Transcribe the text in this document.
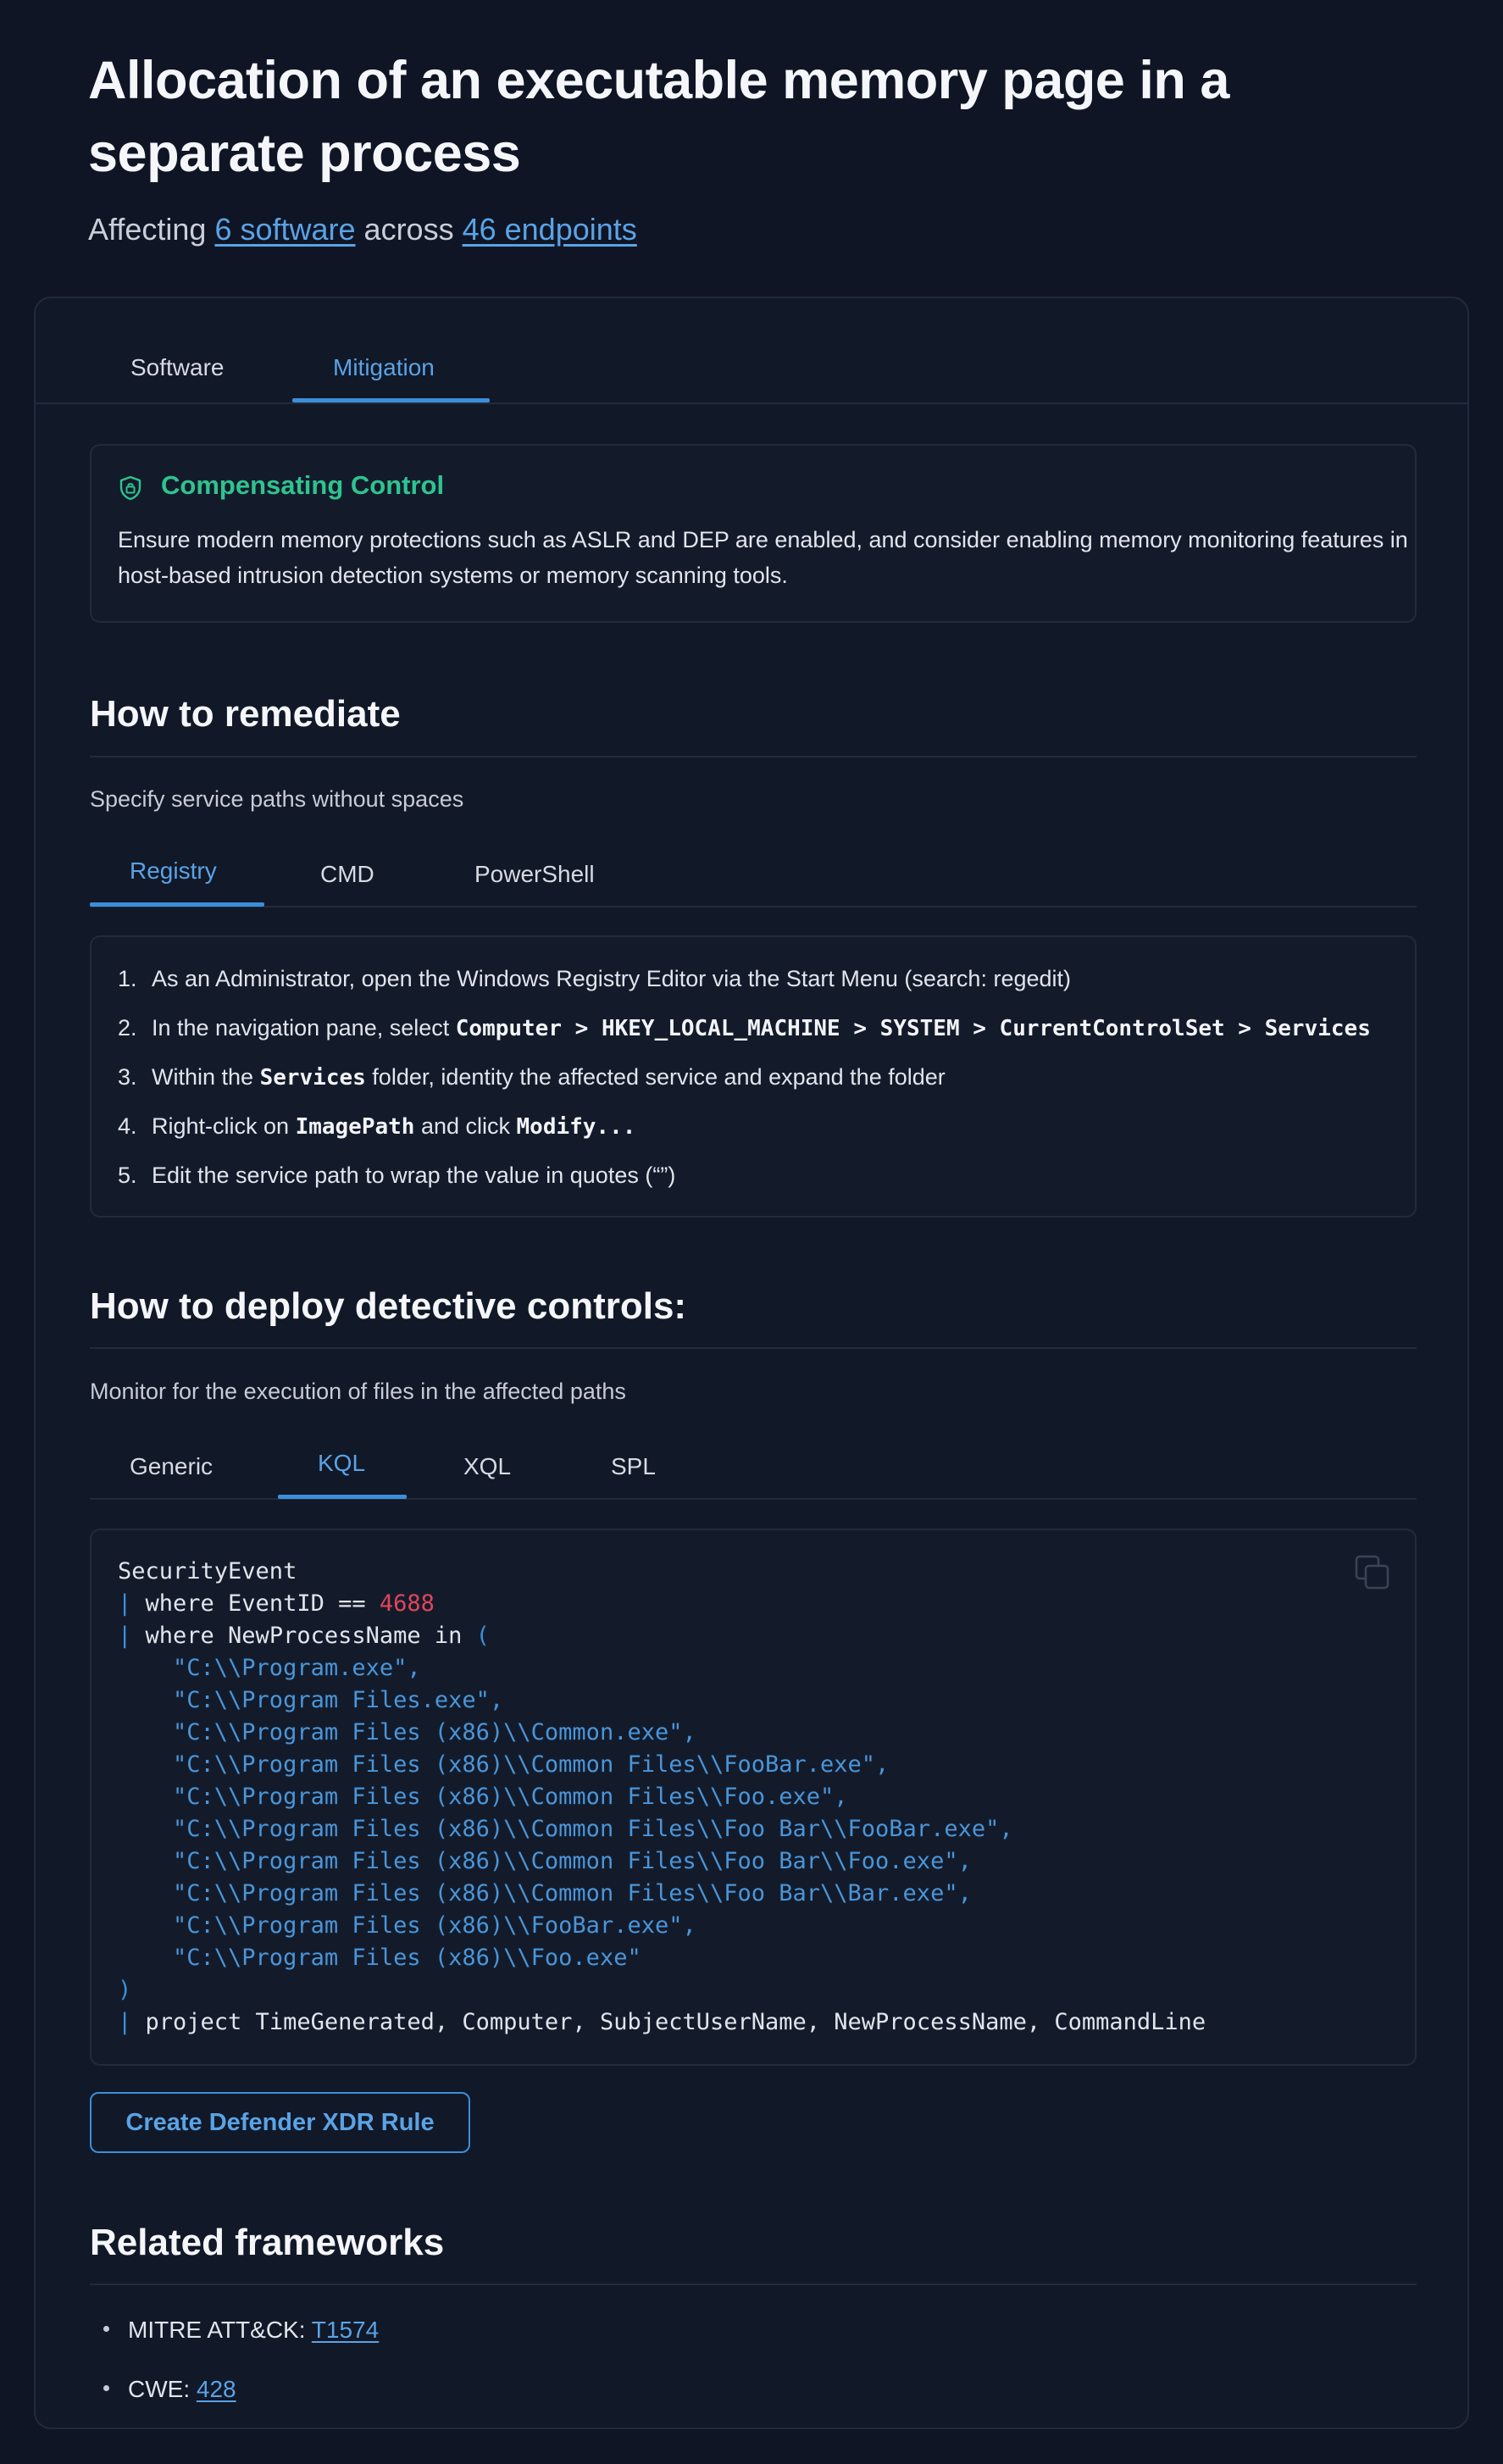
Allocation of an executable memory page in a separate process
Affecting 6 software across 46 endpoints
Software	Mitigation
Compensating Control
Ensure modern memory protections such as ASLR and DEP are enabled, and consider enabling memory monitoring features in host-based intrusion detection systems or memory scanning tools.
How to remediate
Specify service paths without spaces
Registry	CMD	PowerShell
1. As an Administrator, open the Windows Registry Editor via the Start Menu (search: regedit)
2. In the navigation pane, select Computer > HKEY_LOCAL_MACHINE > SYSTEM > CurrentControlSet > Services
3. Within the Services folder, identity the affected service and expand the folder
4. Right-click on ImagePath and click Modify...
5. Edit the service path to wrap the value in quotes (“”)
How to deploy detective controls:
Monitor for the execution of files in the affected paths
Generic	KQL	XQL	SPL
SecurityEvent
| where EventID == 4688
| where NewProcessName in (
"C:\\Program.exe",
"C:\\Program Files.exe",
"C:\\Program Files (x86)\\Common.exe",
"C:\\Program Files (x86)\\Common Files\\FooBar.exe",
"C:\\Program Files (x86)\\Common Files\\Foo.exe",
"C:\\Program Files (x86)\\Common Files\\Foo Bar\\FooBar.exe",
"C:\\Program Files (x86)\\Common Files\\Foo Bar\\Foo.exe",
"C:\\Program Files (x86)\\Common Files\\Foo Bar\\Bar.exe",
"C:\\Program Files (x86)\\FooBar.exe",
"C:\\Program Files (x86)\\Foo.exe"
)
| project TimeGenerated, Computer, SubjectUserName, NewProcessName, CommandLine
Create Defender XDR Rule
Related frameworks
MITRE ATT&CK: T1574
CWE: 428
